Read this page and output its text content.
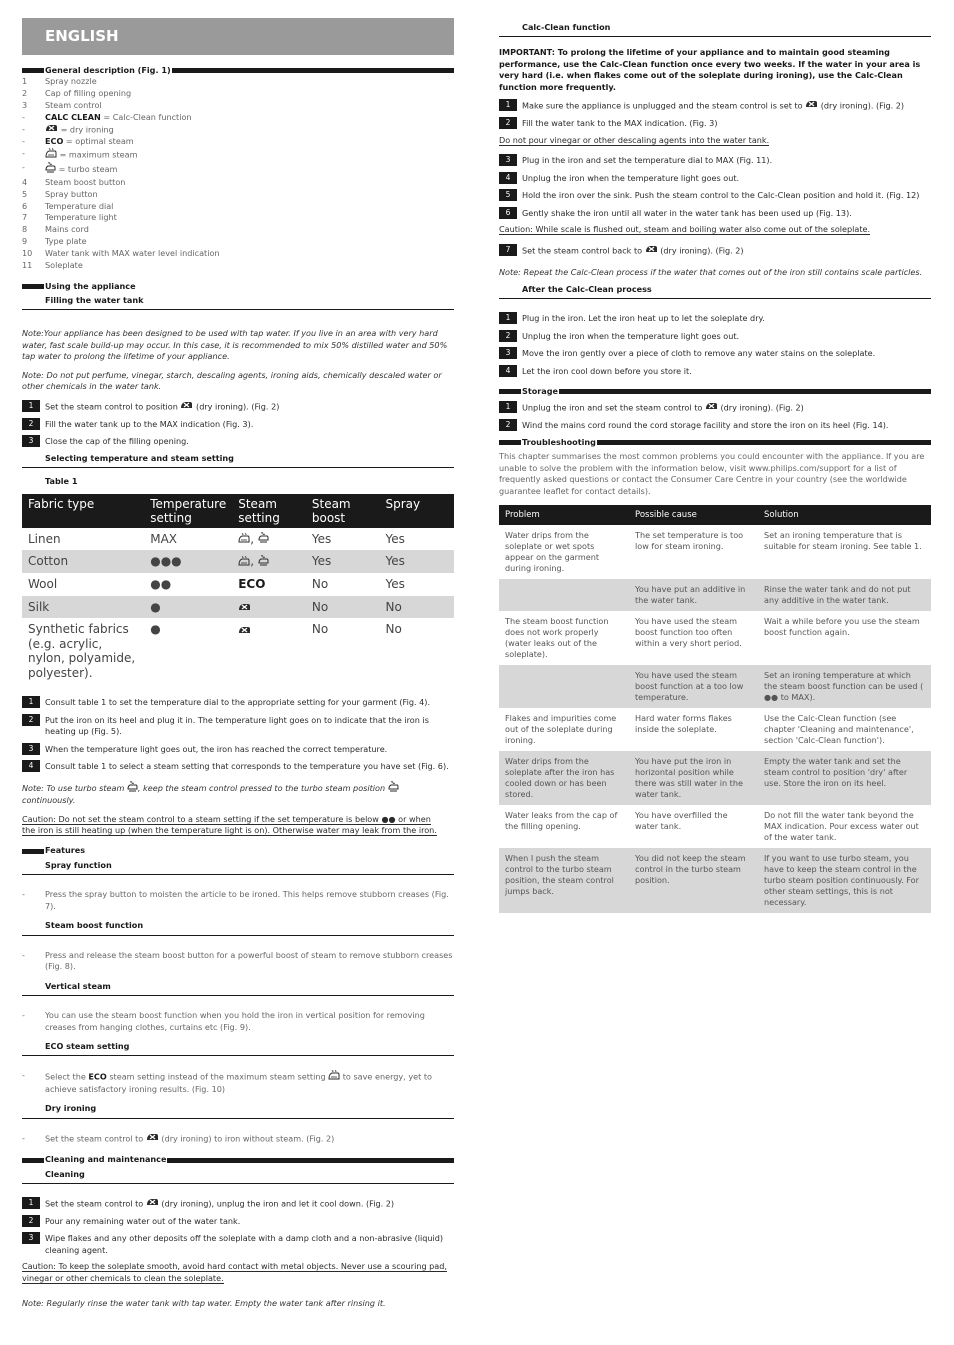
ENGLISH
General description (Fig. 1)
1	Spray nozzle
2	Cap of filling opening
3	Steam control
-	CALC CLEAN = Calc-Clean function
-	= dry ironing
-	ECO = optimal steam
-	= maximum steam
-	= turbo steam
4	Steam boost button
5	Spray button
6	Temperature dial
7	Temperature light
8	Mains cord
9	Type plate
10	Water tank with MAX water level indication
11	Soleplate
Using the appliance
Filling the water tank
Note:Your appliance has been designed to be used with tap water. If you live in an area with very hard water, fast scale build-up may occur. In this case, it is recommended to mix 50% distilled water and 50% tap water to prolong the lifetime of your appliance.
Note: Do not put perfume, vinegar, starch, descaling agents, ironing aids, chemically descaled water or other chemicals in the water tank.
1	Set the steam control to position  (dry ironing). (Fig. 2)
2	Fill the water tank up to the MAX indication (Fig. 3).
3	Close the cap of the filling opening.
Selecting temperature and steam setting
Table 1
Fabric type	Temperature setting	Steam setting	Steam boost	Spray
Linen	MAX	,	Yes	Yes
Cotton	●●●	,	Yes	Yes
Wool	●●	ECO	No	Yes
Silk	●		No	No
Synthetic fabrics (e.g. acrylic, nylon, polyamide, polyester).	●		No	No
1	Consult table 1 to set the temperature dial to the appropriate setting for your garment (Fig. 4).
2	Put the iron on its heel and plug it in. The temperature light goes on to indicate that the iron is heating up (Fig. 5).
3	When the temperature light goes out, the iron has reached the correct temperature.
4	Consult table 1 to select a steam setting that corresponds to the temperature you have set (Fig. 6).
Note: To use turbo steam , keep the steam control pressed to the turbo steam position  continuously.
Caution: Do not set the steam control to a steam setting if the set temperature is below ●● or when
the iron is still heating up (when the temperature light is on). Otherwise water may leak from the iron.
Features
Spray function
-	Press the spray button to moisten the article to be ironed. This helps remove stubborn creases (Fig. 7).
Steam boost function
-	Press and release the steam boost button for a powerful boost of steam to remove stubborn creases (Fig. 8).
Vertical steam
-	You can use the steam boost function when you hold the iron in vertical position for removing creases from hanging clothes, curtains etc (Fig. 9).
ECO steam setting
-	Select the ECO steam setting instead of the maximum steam setting  to save energy, yet to achieve satisfactory ironing results. (Fig. 10)
Dry ironing
-	Set the steam control to  (dry ironing) to iron without steam. (Fig. 2)
Cleaning and maintenance
Cleaning
1	Set the steam control to  (dry ironing), unplug the iron and let it cool down. (Fig. 2)
2	Pour any remaining water out of the water tank.
3	Wipe flakes and any other deposits off the soleplate with a damp cloth and a non-abrasive (liquid) cleaning agent.
Caution: To keep the soleplate smooth, avoid hard contact with metal objects. Never use a scouring pad,
vinegar or other chemicals to clean the soleplate.
Note: Regularly rinse the water tank with tap water. Empty the water tank after rinsing it.
Calc-Clean function
IMPORTANT: To prolong the lifetime of your appliance and to maintain good steaming performance, use the Calc-Clean function once every two weeks. If the water in your area is very hard (i.e. when flakes come out of the soleplate during ironing), use the Calc-Clean function more frequently.
1	Make sure the appliance is unplugged and the steam control is set to  (dry ironing). (Fig. 2)
2	Fill the water tank to the MAX indication. (Fig. 3)
Do not pour vinegar or other descaling agents into the water tank.
3	Plug in the iron and set the temperature dial to MAX (Fig. 11).
4	Unplug the iron when the temperature light goes out.
5	Hold the iron over the sink. Push the steam control to the Calc-Clean position and hold it. (Fig. 12)
6	Gently shake the iron until all water in the water tank has been used up (Fig. 13).
Caution: While scale is flushed out, steam and boiling water also come out of the soleplate.
7	Set the steam control back to  (dry ironing). (Fig. 2)
Note: Repeat the Calc-Clean process if the water that comes out of the iron still contains scale particles.
After the Calc-Clean process
1	Plug in the iron. Let the iron heat up to let the soleplate dry.
2	Unplug the iron when the temperature light goes out.
3	Move the iron gently over a piece of cloth to remove any water stains on the soleplate.
4	Let the iron cool down before you store it.
Storage
1	Unplug the iron and set the steam control to  (dry ironing). (Fig. 2)
2	Wind the mains cord round the cord storage facility and store the iron on its heel (Fig. 14).
Troubleshooting
This chapter summarises the most common problems you could encounter with the appliance. If you are unable to solve the problem with the information below, visit www.philips.com/support for a list of frequently asked questions or contact the Consumer Care Centre in your country (see the worldwide guarantee leaflet for contact details).
Problem	Possible cause	Solution
Water drips from the soleplate or wet spots appear on the garment during ironing.	The set temperature is too low for steam ironing.	Set an ironing temperature that is suitable for steam ironing. See table 1.
	You have put an additive in the water tank.	Rinse the water tank and do not put any additive in the water tank.
The steam boost function does not work properly (water leaks out of the soleplate).	You have used the steam boost function too often within a very short period.	Wait a while before you use the steam boost function again.
	You have used the steam boost function at a too low temperature.	Set an ironing temperature at which the steam boost function can be used ( ●● to MAX).
Flakes and impurities come out of the soleplate during ironing.	Hard water forms flakes inside the soleplate.	Use the Calc-Clean function (see chapter 'Cleaning and maintenance', section 'Calc-Clean function').
Water drips from the soleplate after the iron has cooled down or has been stored.	You have put the iron in horizontal position while there was still water in the water tank.	Empty the water tank and set the steam control to position 'dry' after use. Store the iron on its heel.
Water leaks from the cap of the filling opening.	You have overfilled the water tank.	Do not fill the water tank beyond the MAX indication. Pour excess water out of the water tank.
When I push the steam control to the turbo steam position, the steam control jumps back.	You did not keep the steam control in the turbo steam position.	If you want to use turbo steam, you have to keep the steam control in the turbo steam position continuously. For other steam settings, this is not necessary.
